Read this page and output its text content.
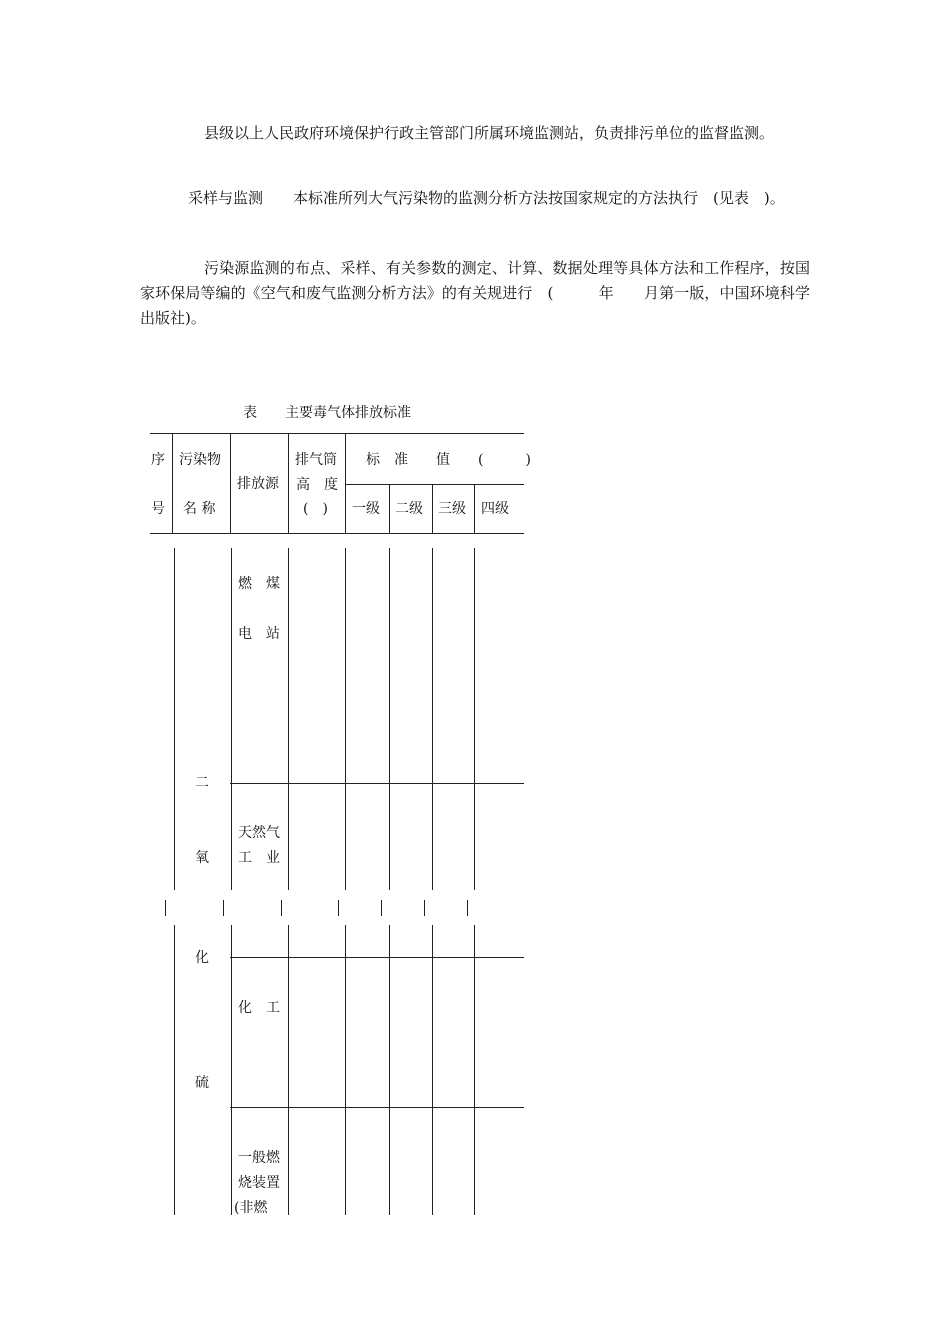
县级以上人民政府环境保护行政主管部门所属环境监测站，负责排污单位的监督监测。

采样与监测　　本标准所列大气污染物的监测分析方法按国家规定的方法执行　(见表　)。

污染源监测的布点、采样、有关参数的测定、计算、数据处理等具体方法和工作程序，按国家环保局等编的《空气和废气监测分析方法》的有关规进行　(　　　年　　月第一版，中国环境科学出版社)。

表　　主要毒气体排放标准
序
号
污染物
名 称
排放源
排气筒
高　度
(　)
标　准　　值　　(　　　)
一级 二级 三级 四级
二
氧
化
硫
燃　煤
电　站
天然气
工　业
化　工
一般燃
烧装置
(非燃
